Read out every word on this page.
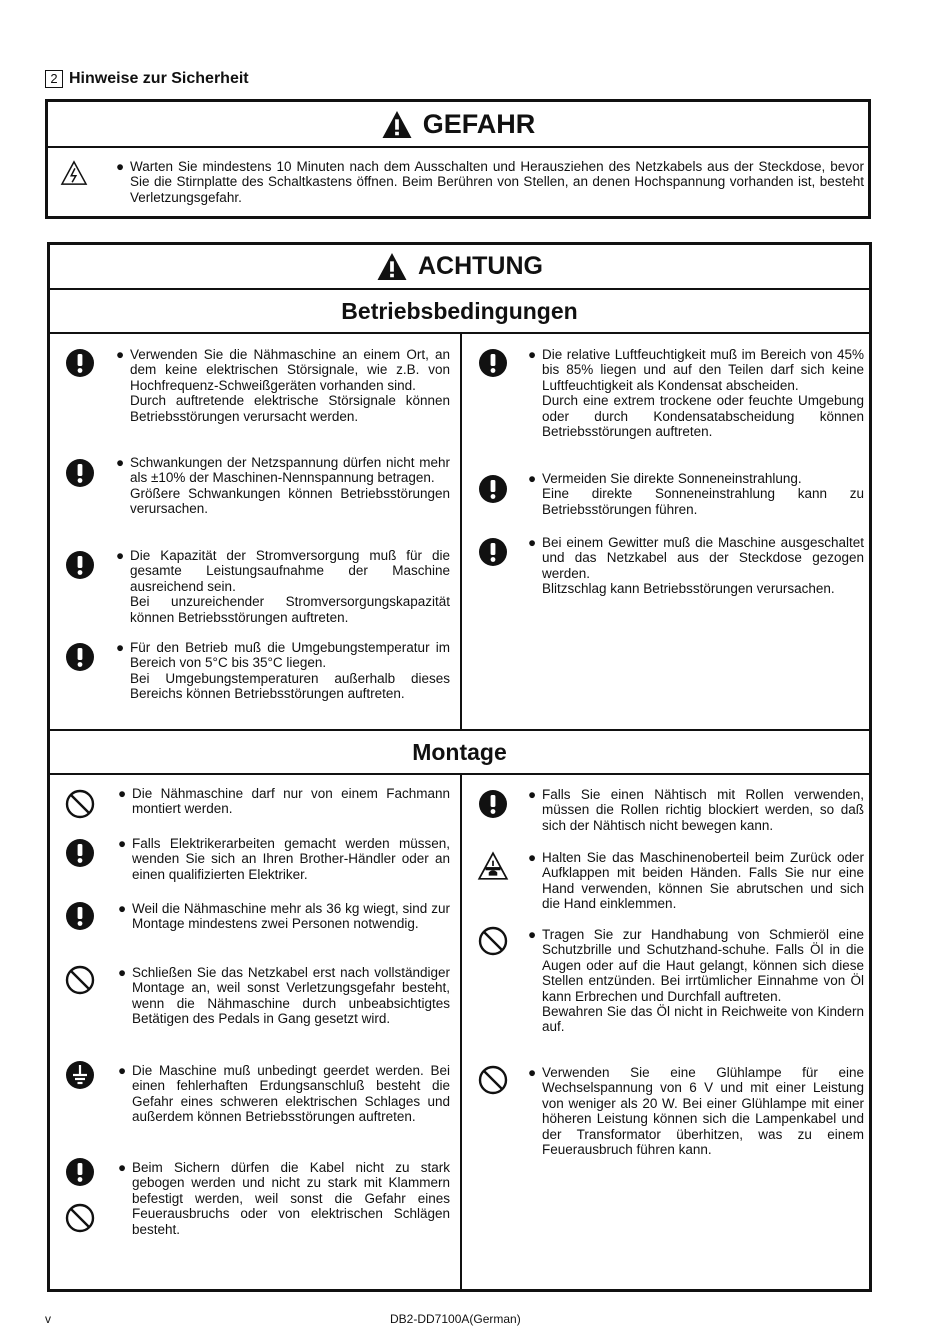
2 Hinweise zur Sicherheit
GEFAHR
● Warten Sie mindestens 10 Minuten nach dem Ausschalten und Herausziehen des Netzkabels aus der Steckdose, bevor Sie die Stirnplatte des Schaltkastens öffnen. Beim Berühren von Stellen, an denen Hochspannung vorhanden ist, besteht Verletzungsgefahr.

ACHTUNG
Betriebsbedingungen
Montage
● Verwenden Sie die Nähmaschine an einem Ort, an dem keine elektrischen Störsignale, wie z.B. von Hochfrequenz-Schweißgeräten vorhanden sind.

Durch auftretende elektrische Störsignale können Betriebsstörungen verursacht werden.

● Schwankungen der Netzspannung dürfen nicht mehr als ±10% der Maschinen-Nennspannung betragen.

Größere Schwankungen können Betriebsstörungen verursachen.

● Die Kapazität der Stromversorgung muß für die gesamte Leistungsaufnahme der Maschine ausreichend sein.

Bei unzureichender Stromversorgungskapazität können Betriebsstörungen auftreten.

● Für den Betrieb muß die Umgebungstemperatur im Bereich von 5°C bis 35°C liegen.

Bei Umgebungstemperaturen außerhalb dieses Bereichs können Betriebsstörungen auftreten.

● Die relative Luftfeuchtigkeit muß im Bereich von 45% bis 85% liegen und auf den Teilen darf sich keine Luftfeuchtigkeit als Kondensat abscheiden.

Durch eine extrem trockene oder feuchte Umgebung oder durch Kondensatabscheidung können Betriebsstörungen auftreten.

● Vermeiden Sie direkte Sonneneinstrahlung.

Eine direkte Sonneneinstrahlung kann zu Betriebsstörungen führen.

● Bei einem Gewitter muß die Maschine ausgeschaltet und das Netzkabel aus der Steckdose gezogen werden.

Blitzschlag kann Betriebsstörungen verursachen.

● Die Nähmaschine darf nur von einem Fachmann montiert werden.

● Falls Elektrikerarbeiten gemacht werden müssen, wenden Sie sich an Ihren Brother-Händler oder an einen qualifizierten Elektriker.

● Weil die Nähmaschine mehr als 36 kg wiegt, sind zur Montage mindestens zwei Personen notwendig.

● Schließen Sie das Netzkabel erst nach vollständiger Montage an, weil sonst Verletzungsgefahr besteht, wenn die Nähmaschine durch unbeabsichtigtes Betätigen des Pedals in Gang gesetzt wird.

● Die Maschine muß unbedingt geerdet werden. Bei einen fehlerhaften Erdungsanschluß besteht die Gefahr eines schweren elektrischen Schlages und außerdem können Betriebsstörungen auftreten.

● Beim Sichern dürfen die Kabel nicht zu stark gebogen werden und nicht zu stark mit Klammern befestigt werden, weil sonst die Gefahr eines Feuerausbruchs oder von elektrischen Schlägen besteht.

● Falls Sie einen Nähtisch mit Rollen verwenden, müssen die Rollen richtig blockiert werden, so daß sich der Nähtisch nicht bewegen kann.

● Halten Sie das Maschinenoberteil beim Zurück oder Aufklappen mit beiden Händen. Falls Sie nur eine Hand verwenden, können Sie abrutschen und sich die Hand einklemmen.

● Tragen Sie zur Handhabung von Schmieröl eine Schutzbrille und Schutzhand-schuhe. Falls Öl in die Augen oder auf die Haut gelangt, können sich diese Stellen entzünden. Bei irrtümlicher Einnahme von Öl kann Erbrechen und Durchfall auftreten.

Bewahren Sie das Öl nicht in Reichweite von Kindern auf.

● Verwenden Sie eine Glühlampe für eine Wechselspannung von 6 V und mit einer Leistung von weniger als 20 W. Bei einer Glühlampe mit einer höheren Leistung können sich die Lampenkabel und der Transformator überhitzen, was zu einem Feuerausbruch führen kann.

v	DB2-DD7100A(German)
